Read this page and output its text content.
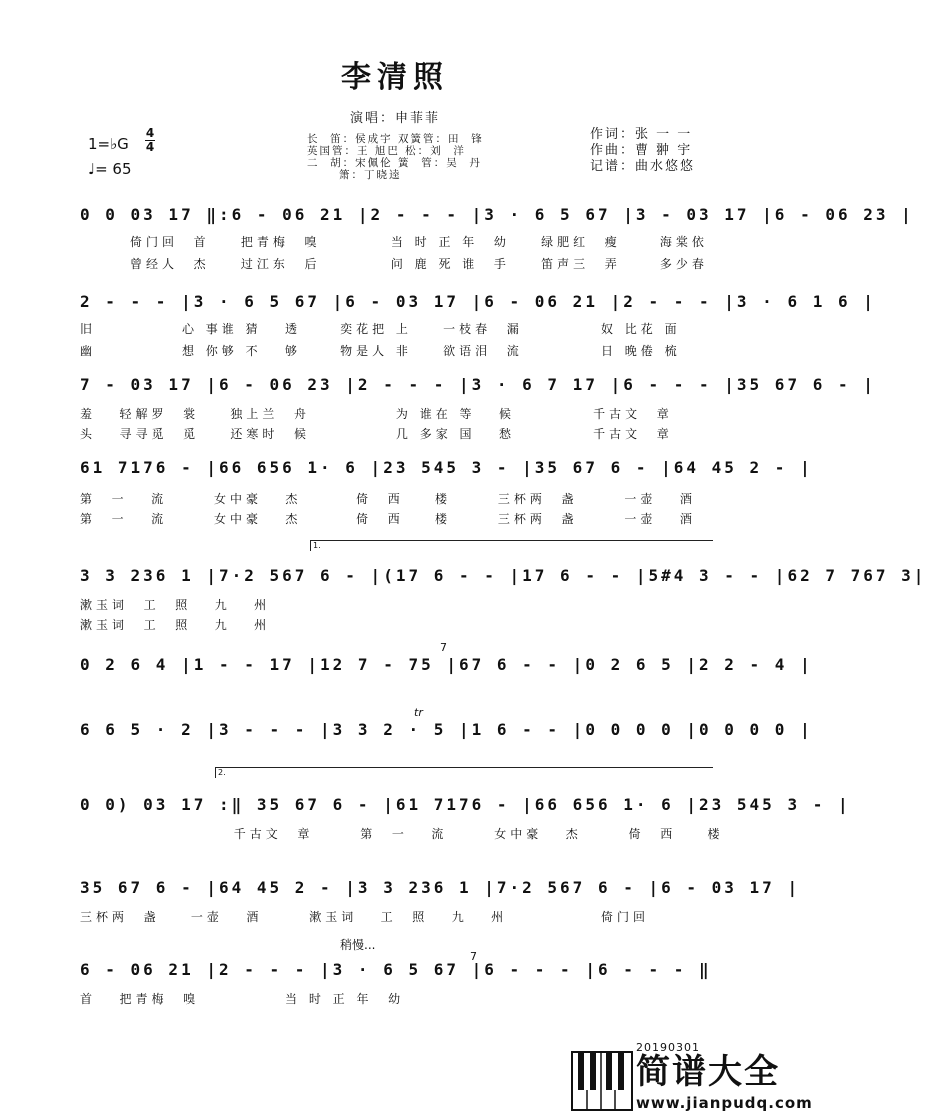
李清照
演唱：申菲菲
1=♭G
4
4
♩= 65
长  笛：侯成宇 双簧管：田  锋
英国管：王 旭巴 松：刘  洋
二  胡：宋佩伦 簧  管：吴  丹
箫：丁晓逵
作词：张 一 一
作曲：曹 翀 宇
记谱：曲水悠悠
0 0 03 17 ‖:6 - 06 21 |2 - - - |3 · 6 5 67 |3 - 03 17 |6 - 06 23 |
倚门回  首    把青梅  嗅         当 时 正 年  幼    绿肥红  瘦     海棠依
曾经人  杰    过江东  后         问 鹿 死 谁  手    笛声三  弄     多少春
2 - - - |3 · 6 5 67 |6 - 03 17 |6 - 06 21 |2 - - - |3 · 6 1 6 |
旧           心 事谁 猜   透     奕花把 上    一枝春  漏          奴 比花 面
幽           想 你够 不   够     物是人 非    欲语泪  流          日 晚倦 梳
7 - 03 17 |6 - 06 23 |2 - - - |3 · 6 7 17 |6 - - - |35 67 6 - |
羞   轻解罗  裳    独上兰  舟           为 谁在 等   候          千古文  章
头   寻寻觅  觅    还寒时  候           几 多家 国   愁          千古文  章
61 7176 - |66 656 1· 6 |23 545 3 - |35 67 6 - |64 45 2 - |
第  一   流      女中豪   杰       倚  西    楼      三杯两  盏      一壶   酒
第  一   流      女中豪   杰       倚  西    楼      三杯两  盏      一壶   酒
1.
3 3 236 1 |7·2 567 6 - |(17 6 - - |17 6 - - |5#4 3 - - |62 7 767 3|
漱玉词  工  照   九   州
漱玉词  工  照   九   州
7
0 2 6 4 |1 - - 17 |12 7 - 75 |67 6 - - |0 2 6 5 |2 2 - 4 |
tr
6 6 5 · 2 |3 - - - |3 3 2 · 5 |1 6 - - |0 0 0 0 |0 0 0 0 |
2.
0 0) 03 17 :‖ 35 67 6 - |61 7176 - |66 656 1· 6 |23 545 3 - |
千古文  章      第  一   流      女中豪   杰      倚  西    楼
35 67 6 - |64 45 2 - |3 3 236 1 |7·2 567 6 - |6 - 03 17 |
三杯两  盏    一壶   酒      漱玉词   工  照   九   州            倚门回
稍慢...
7
6 - 06 21 |2 - - - |3 · 6 5 67 |6 - - - |6 - - - ‖
首   把青梅  嗅           当 时 正 年  幼
20190301
简谱大全
www.jianpudq.com
